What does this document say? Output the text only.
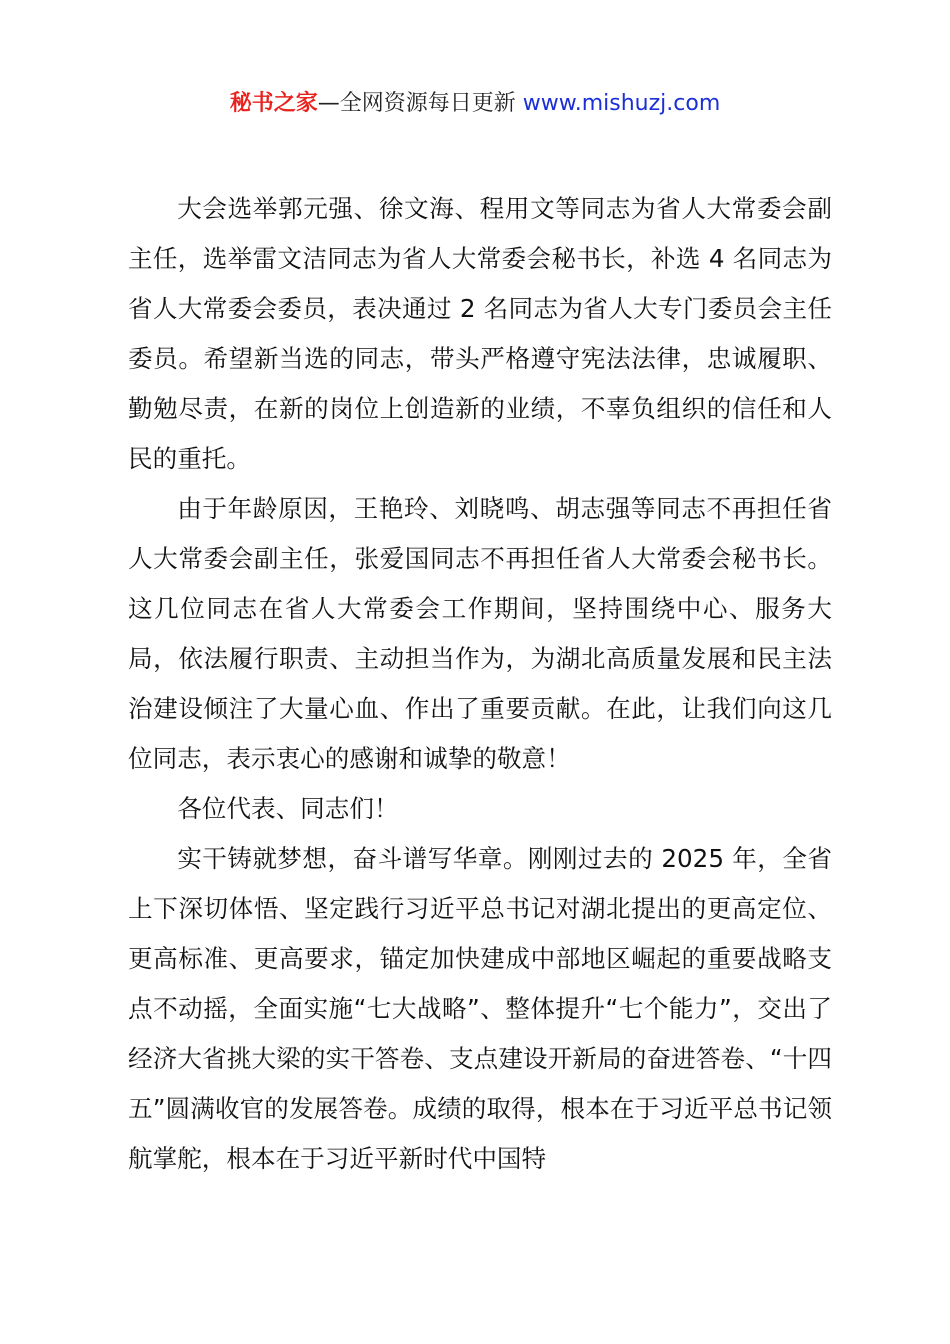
秘书之家—全网资源每日更新 www.mishuzj.com

大会选举郭元强、徐文海、程用文等同志为省人大常委会副主任，选举雷文洁同志为省人大常委会秘书长，补选 4 名同志为省人大常委会委员，表决通过 2 名同志为省人大专门委员会主任委员。希望新当选的同志，带头严格遵守宪法法律，忠诚履职、勤勉尽责，在新的岗位上创造新的业绩，不辜负组织的信任和人民的重托。

由于年龄原因，王艳玲、刘晓鸣、胡志强等同志不再担任省人大常委会副主任，张爱国同志不再担任省人大常委会秘书长。这几位同志在省人大常委会工作期间，坚持围绕中心、服务大局，依法履行职责、主动担当作为，为湖北高质量发展和民主法治建设倾注了大量心血、作出了重要贡献。在此，让我们向这几位同志，表示衷心的感谢和诚挚的敬意！

各位代表、同志们！

实干铸就梦想，奋斗谱写华章。刚刚过去的 2025 年，全省上下深切体悟、坚定践行习近平总书记对湖北提出的更高定位、更高标准、更高要求，锚定加快建成中部地区崛起的重要战略支点不动摇，全面实施“七大战略”、整体提升“七个能力”，交出了经济大省挑大梁的实干答卷、支点建设开新局的奋进答卷、“十四五”圆满收官的发展答卷。成绩的取得，根本在于习近平总书记领航掌舵，根本在于习近平新时代中国特
